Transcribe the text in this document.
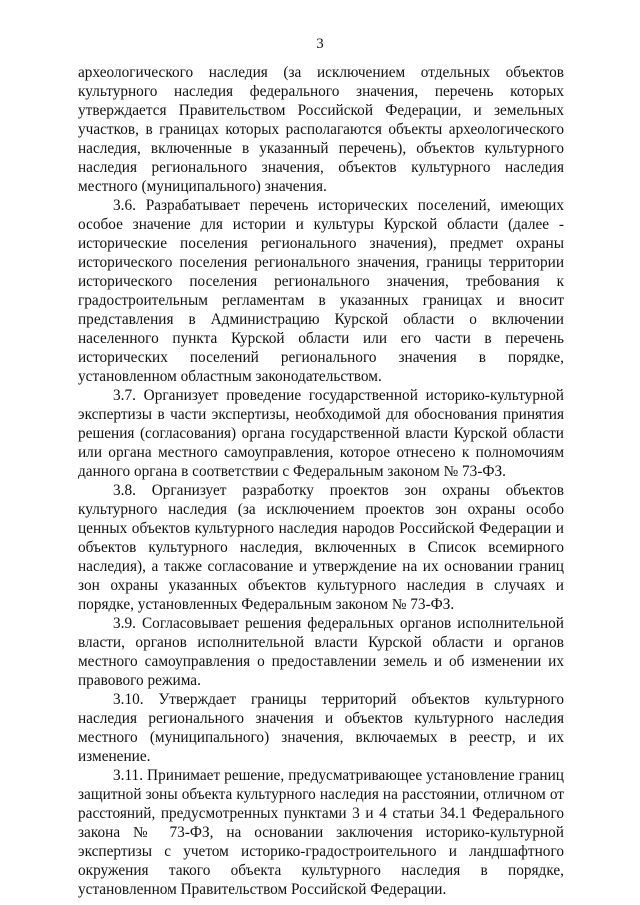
3

археологического наследия (за исключением отдельных объектов культурного наследия федерального значения, перечень которых утверждается Правительством Российской Федерации, и земельных участков, в границах которых располагаются объекты археологического наследия, включенные в указанный перечень), объектов культурного наследия регионального значения, объектов культурного наследия местного (муниципального) значения.

3.6. Разрабатывает перечень исторических поселений, имеющих особое значение для истории и культуры Курской области (далее - исторические поселения регионального значения), предмет охраны исторического поселения регионального значения, границы территории исторического поселения регионального значения, требования к градостроительным регламентам в указанных границах и вносит представления в Администрацию Курской области о включении населенного пункта Курской области или его части в перечень исторических поселений регионального значения в порядке, установленном областным законодательством.

3.7. Организует проведение государственной историко-культурной экспертизы в части экспертизы, необходимой для обоснования принятия решения (согласования) органа государственной власти Курской области или органа местного самоуправления, которое отнесено к полномочиям данного органа в соответствии с Федеральным законом № 73-ФЗ.

3.8. Организует разработку проектов зон охраны объектов культурного наследия (за исключением проектов зон охраны особо ценных объектов культурного наследия народов Российской Федерации и объектов культурного наследия, включенных в Список всемирного наследия), а также согласование и утверждение на их основании границ зон охраны указанных объектов культурного наследия в случаях и порядке, установленных Федеральным законом № 73-ФЗ.

3.9. Согласовывает решения федеральных органов исполнительной власти, органов исполнительной власти Курской области и органов местного самоуправления о предоставлении земель и об изменении их правового режима.

3.10. Утверждает границы территорий объектов культурного наследия регионального значения и объектов культурного наследия местного (муниципального) значения, включаемых в реестр, и их изменение.

3.11. Принимает решение, предусматривающее установление границ защитной зоны объекта культурного наследия на расстоянии, отличном от расстояний, предусмотренных пунктами 3 и 4 статьи 34.1 Федерального закона № 73-ФЗ, на основании заключения историко-культурной экспертизы с учетом историко-градостроительного и ландшафтного окружения такого объекта культурного наследия в порядке, установленном Правительством Российской Федерации.
